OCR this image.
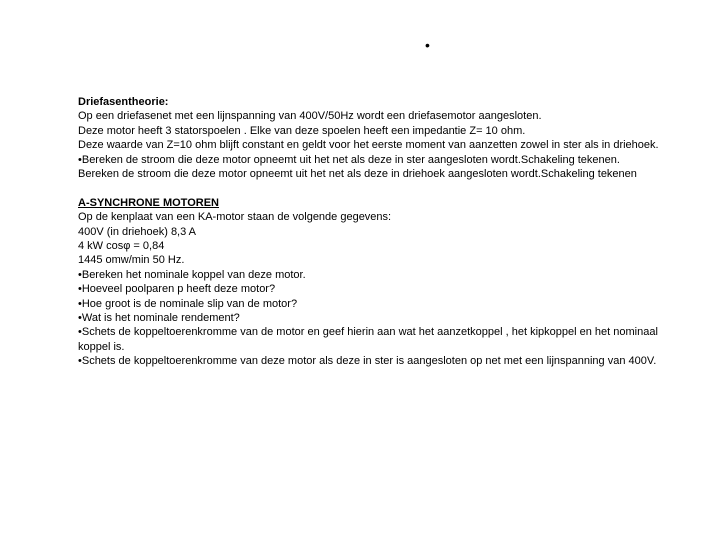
•

Driefasentheorie:

Op een driefasenet met een lijnspanning van 400V/50Hz wordt een driefasemotor aangesloten.

Deze motor heeft 3 statorspoelen . Elke van deze spoelen heeft een impedantie Z= 10 ohm.

Deze waarde van Z=10 ohm blijft constant en geldt voor het eerste moment van aanzetten zowel in ster als in driehoek.

•Bereken de stroom die deze motor opneemt uit het net als deze in ster aangesloten wordt.Schakeling tekenen.

Bereken de stroom die deze motor opneemt uit het net als deze in driehoek aangesloten wordt.Schakeling tekenen

A-SYNCHRONE MOTOREN

Op de kenplaat van een KA-motor staan de volgende gegevens:

400V (in driehoek) 8,3 A

4 kW cosφ = 0,84

1445 omw/min 50 Hz.

•Bereken het nominale koppel van deze motor.

•Hoeveel poolparen p heeft deze motor?

•Hoe groot is de nominale slip van de motor?

•Wat is het nominale rendement?

•Schets de koppeltoerenkromme van de motor en geef hierin aan wat het aanzetkoppel , het kipkoppel en het nominaal koppel is.

•Schets de koppeltoerenkromme van deze motor als deze in ster is aangesloten op net met een lijnspanning van 400V.
